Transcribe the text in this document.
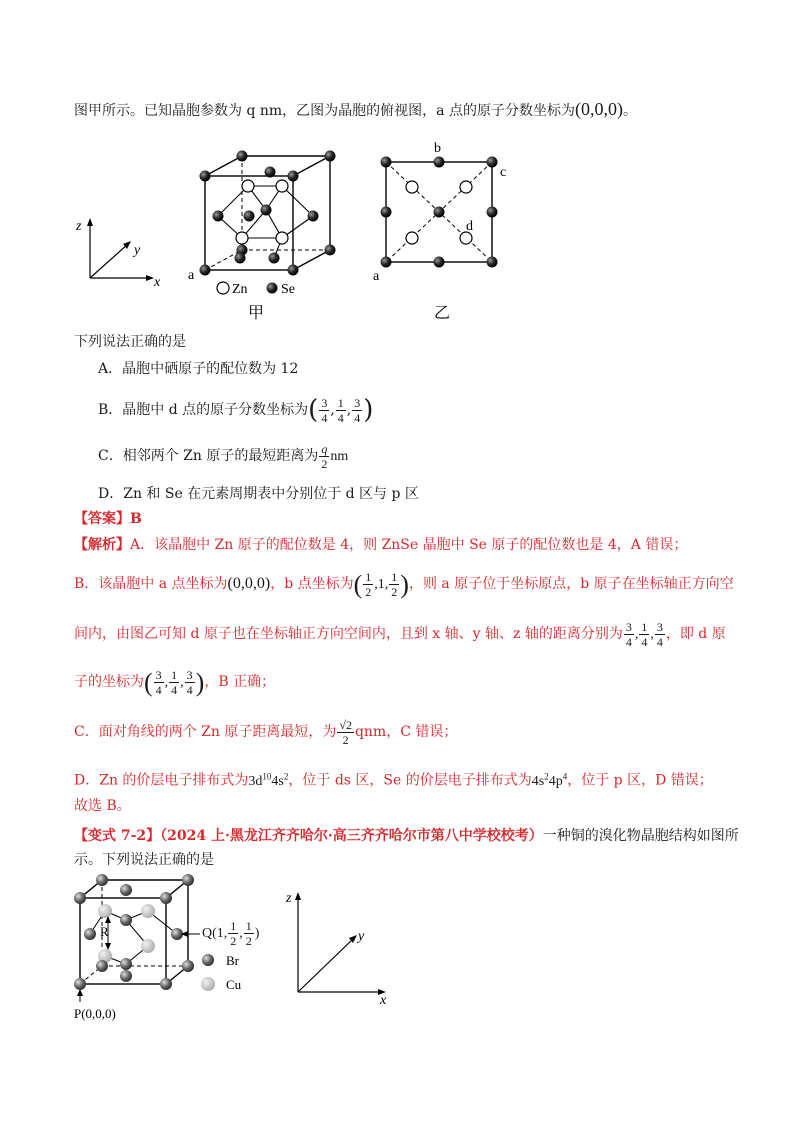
图甲所示。已知晶胞参数为 q nm，乙图为晶胞的俯视图，a 点的原子分数坐标为(0,0,0)。
z
y
x a
Zn Se
甲
b
c
d
a
乙
下列说法正确的是
A．晶胞中硒原子的配位数为 12
B．晶胞中 d 点的原子分数坐标为( $\frac{3}{4}$ , $\frac{1}{4}$ , $\frac{3}{4}$ )
C．相邻两个 Zn 原子的最短距离为 $\frac{q}{2}$ nm
D．Zn 和 Se 在元素周期表中分别位于 d 区与 p 区
【答案】B
【解析】A．该晶胞中 Zn 原子的配位数是 4，则 ZnSe 晶胞中 Se 原子的配位数也是 4，A 错误；
B．该晶胞中 a 点坐标为(0,0,0)，b 点坐标为( $\frac{1}{2} ,1$, $\frac{1}{2}$ )，则 a 原子位于坐标原点，b 原子在坐标轴正方向空
间内，由图乙可知 d 原子也在坐标轴正方向空间内，且到 x 轴、y 轴、z 轴的距离分别为 $\frac{3}{4}$ , $\frac{1}{4}$ , $\frac{3}{4}$ ，即 d 原
子的坐标为( $\frac{3}{4}$ , $\frac{1}{4}$ , $\frac{3}{4}$ )，B 正确；
C．面对角线的两个 Zn 原子距离最短，为 $\frac{√2}{2}$ qnm，C 错误；
D．Zn 的价层电子排布式为$3d^{10}4s^2$，位于 ds 区，Se 的价层电子排布式为$4s^24p^4$，位于 p 区，D 错误；
故选 B。
【变式 7-2】（2024 上·黑龙江齐齐哈尔·高三齐齐哈尔市第八中学校校考）一种铜的溴化物晶胞结构如图所
示。下列说法正确的是
R
P(0,0,0)
Br
Cu
z
y
x
Q(1, $\frac{1}{2}$ , $\frac{1}{2}$ )
